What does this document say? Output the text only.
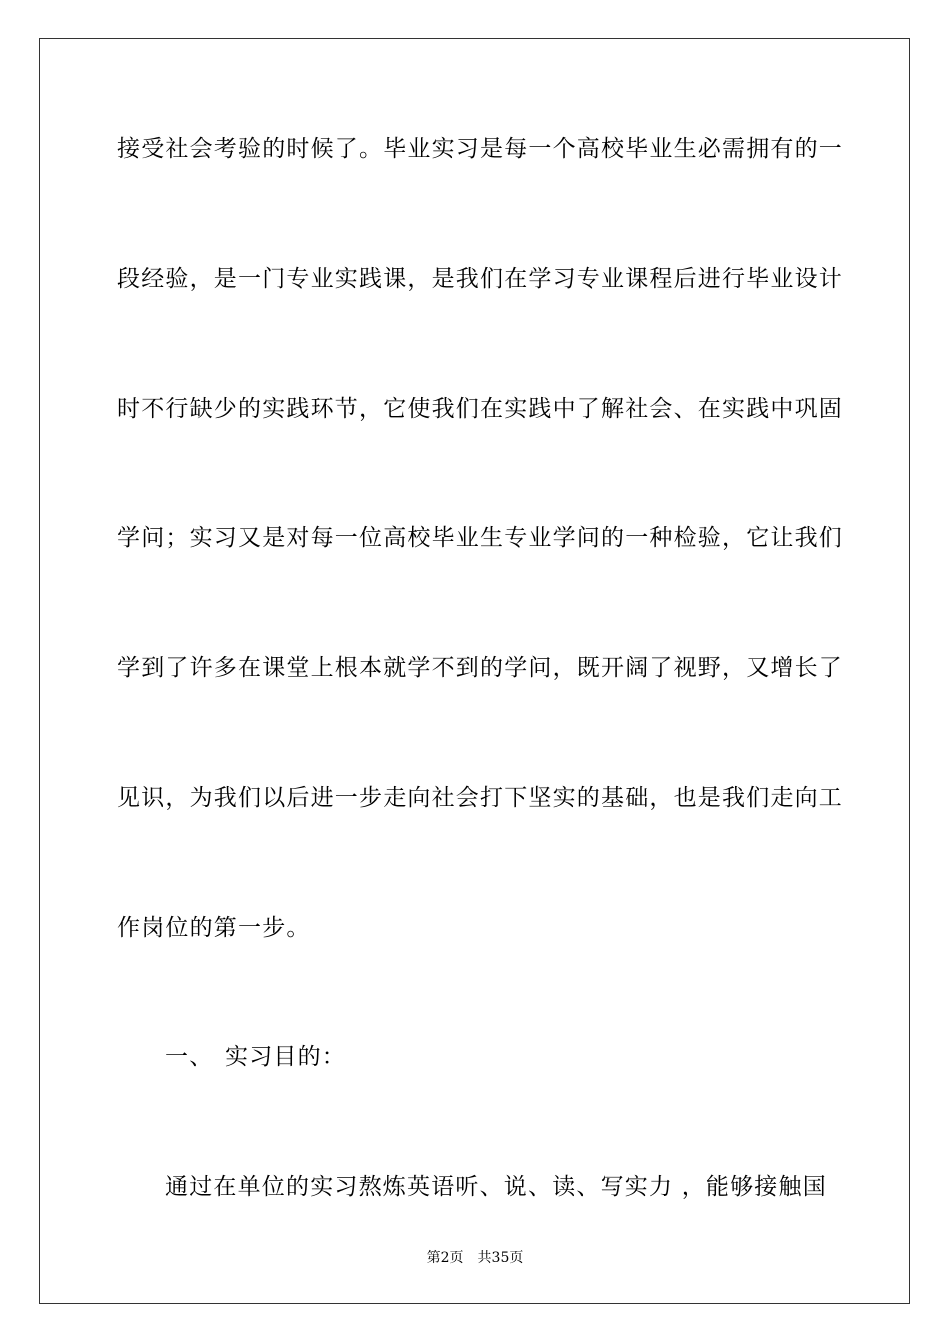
接受社会考验的时候了。毕业实习是每一个高校毕业生必需拥有的一
段经验，是一门专业实践课，是我们在学习专业课程后进行毕业设计
时不行缺少的实践环节，它使我们在实践中了解社会、在实践中巩固
学问；实习又是对每一位高校毕业生专业学问的一种检验，它让我们
学到了许多在课堂上根本就学不到的学问，既开阔了视野，又增长了
见识，为我们以后进一步走向社会打下坚实的基础，也是我们走向工
作岗位的第一步。
一、 实习目的：
通过在单位的实习熬炼英语听、说、读、写实力 ，能够接触国
第2页 共35页
